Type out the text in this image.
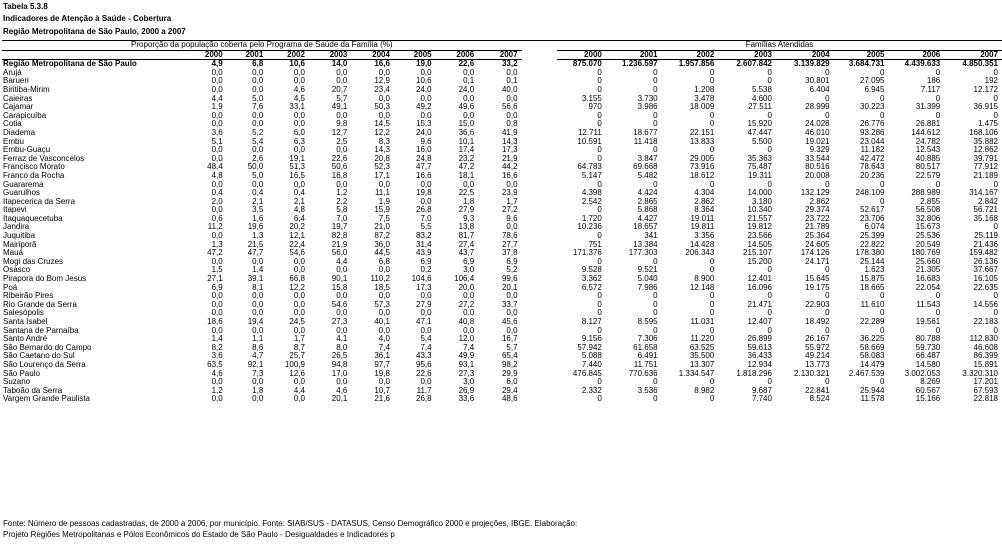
Tabela 5.3.8
Indicadores de Atenção à Saúde - Cobertura
Região Metropolitana de São Paulo, 2000 a 2007
Proporção da população coberta pelo Programa de Saúde da Família (%)										Famílias Atendidas							
	2000	2001	2002	2003	2004	2005	2006	2007		2000	2001	2002	2003	2004	2005	2006	2007
Região Metropolitana de São Paulo	4,9	6,8	10,6	14,0	16,6	19,0	22,6	33,2		875.070	1.236.597	1.957.856	2.607.842	3.139.829	3.684.731	4.439.633	4.850.351
Arujá	0,0	0,0	0,0	0,0	0,0	0,0	0,0	0,0		0	0	0	0	0	0	0	0
Barueri	0,0	0,0	0,0	0,0	12,9	10,6	0,1	0,1		0	0	0	0	30.801	27.095	186	192
Biritiba-Mirim	0,0	0,0	4,6	20,7	23,4	24,0	24,0	40,0		0	0	1.208	5.538	6.404	6.945	7.117	12.172
Caieiras	4,4	5,0	4,5	5,7	0,0	0,0	0,0	0,0		3.155	3.730	3.478	4.600	0	0	0	0
Cajamar	1,9	7,6	33,1	49,1	50,3	49,2	49,6	56,6		970	3.986	18.009	27.511	28.999	30.223	31.399	36.915
Carapicuíba	0,0	0,0	0,0	0,0	0,0	0,0	0,0	0,0		0	0	0	0	0	0	0	0
Cotia	0,0	0,0	0,0	9,8	14,5	15,3	15,0	0,8		0	0	0	15.920	24.028	26.776	26.881	1.475
Diadema	3,6	5,2	6,0	12,7	12,2	24,0	36,6	41,9		12.711	18.677	22.151	47.447	46.010	93.286	144.612	168.106
Embu	5,1	5,4	6,3	2,5	8,3	9,6	10,1	14,3		10.591	11.418	13.833	5.500	19.021	23.044	24.782	35.882
Embu-Guaçu	0,0	0,0	0,0	0,0	14,3	16,0	17,4	17,3		0	0	0	0	9.329	11.182	12.543	12.862
Ferraz de Vasconcelos	0,0	2,6	19,1	22,6	20,8	24,8	23,2	21,9		0	3.847	29.005	35.363	33.544	42.472	40.885	39.791
Francisco Morato	48,4	50,0	51,3	50,6	52,3	47,7	47,2	44,2		64.783	69.668	73.916	75.487	80.516	78.643	80.517	77.912
Franco da Rocha	4,8	5,0	16,5	16,8	17,1	16,6	18,1	16,6		5.147	5.482	18.612	19.311	20.008	20.236	22.579	21.189
Guararema	0,0	0,0	0,0	0,0	0,0	0,0	0,0	0,0		0	0	0	0	0	0	0	0
Guarulhos	0,4	0,4	0,4	1,2	11,1	19,8	22,5	23,9		4.398	4.424	4.304	14.000	132.129	248.109	288.989	314.167
Itapecerica da Serra	2,0	2,1	2,1	2,2	1,9	0,0	1,8	1,7		2.542	2.865	2.862	3.180	2.862	0	2.855	2.842
Itapevi	0,0	3,5	4,8	5,8	15,9	26,8	27,9	27,2		0	5.868	8.364	10.340	29.374	52.617	56.508	56.721
Itaquaquecetuba	0,6	1,6	6,4	7,0	7,5	7,0	9,3	9,6		1.720	4.427	19.011	21.557	23.722	23.706	32.806	35.168
Jandira	11,2	19,6	20,2	19,7	21,0	5,5	13,8	0,0		10.236	18.657	19.811	19.812	21.789	6.074	15.673	0
Juquitiba	0,0	1,3	12,1	82,8	87,2	83,2	81,7	78,6		0	341	3.356	23.566	25.364	25.399	25.536	25.119
Mairiporã	1,3	21,5	22,4	21,9	36,0	31,4	27,4	27,7		751	13.384	14.428	14.505	24.605	22.822	20.549	21.436
Mauá	47,2	47,7	54,6	56,0	44,5	43,9	43,7	37,8		171.376	177.303	206.343	215.107	174.126	178.380	180.769	159.482
Mogi das Cruzes	0,0	0,0	0,0	4,4	6,8	6,9	6,9	6,9		0	0	0	15.200	24.171	25.144	25.660	26.136
Osasco	1,5	1,4	0,0	0,0	0,0	0,2	3,0	5,2		9.528	9.521	0	0	0	1.623	21.305	37.667
Pirapora do Bom Jesus	27,1	39,1	66,8	90,1	110,2	104,6	106,4	99,6		3.362	5.040	8.900	12.401	15.645	15.875	16.683	16.105
Poá	6,9	8,1	12,2	15,8	18,5	17,3	20,0	20,1		6.572	7.986	12.148	16.096	19.175	18.665	22.054	22.635
Ribeirão Pires	0,0	0,0	0,0	0,0	0,0	0,0	0,0	0,0		0	0	0	0	0	0	0	0
Rio Grande da Serra	0,0	0,0	0,0	54,6	57,3	27,9	27,2	33,7		0	0	0	21.471	22.903	11.610	11.543	14.556
Salesópolis	0,0	0,0	0,0	0,0	0,0	0,0	0,0	0,0		0	0	0	0	0	0	0	0
Santa Isabel	18,6	19,4	24,5	27,3	40,1	47,1	40,8	45,6		8.127	8.595	11.031	12.407	18.492	22.289	19.561	22.183
Santana de Parnaíba	0,0	0,0	0,0	0,0	0,0	0,0	0,0	0,0		0	0	0	0	0	0	0	0
Santo André	1,4	1,1	1,7	4,1	4,0	5,4	12,0	16,7		9.156	7.306	11.220	26.899	26.167	36.225	80.788	112.830
São Bernardo do Campo	8,2	8,6	8,7	8,0	7,4	7,4	7,4	5,7		57.942	61.658	63.525	59.613	55.972	58.669	59.730	46.608
São Caetano do Sul	3,6	4,7	25,7	26,5	36,1	43,3	49,9	65,4		5.088	6.491	35.500	36.433	49.214	58.083	66.487	86.399
São Lourenço da Serra	63,5	92,1	100,9	94,8	97,7	95,6	93,1	98,2		7.440	11.751	13.307	12.934	13.773	14.479	14.580	15.891
São Paulo	4,6	7,3	12,6	17,0	19,8	22,6	27,3	29,9		476.845	770.636	1.334.547	1.818.296	2.130.321	2.467.539	3.002.053	3.320.310
Suzano	0,0	0,0	0,0	0,0	0,0	0,0	3,0	6,0		0	0	0	0	0	0	8.269	17.201
Taboão da Serra	1,2	1,8	4,4	4,6	10,7	11,7	26,9	29,4		2.332	3.536	8.982	9.687	22.841	25.944	60.567	67.593
Vargem Grande Paulista	0,0	0,0	0,0	20,1	21,6	26,8	33,6	48,6		0	0	0	7.740	8.524	11.578	15.166	22.818
Fonte: Número de pessoas cadastradas, de 2000 a 2006, por município. Fonte: SIAB/SUS - DATASUS, Censo Demográfico 2000 e projeções, IBGE. Elaboração:
Projeto Regiões Metropolitanas e Pólos Econômicos do Estado de São Paulo - Desigualdades e Indicadores p
